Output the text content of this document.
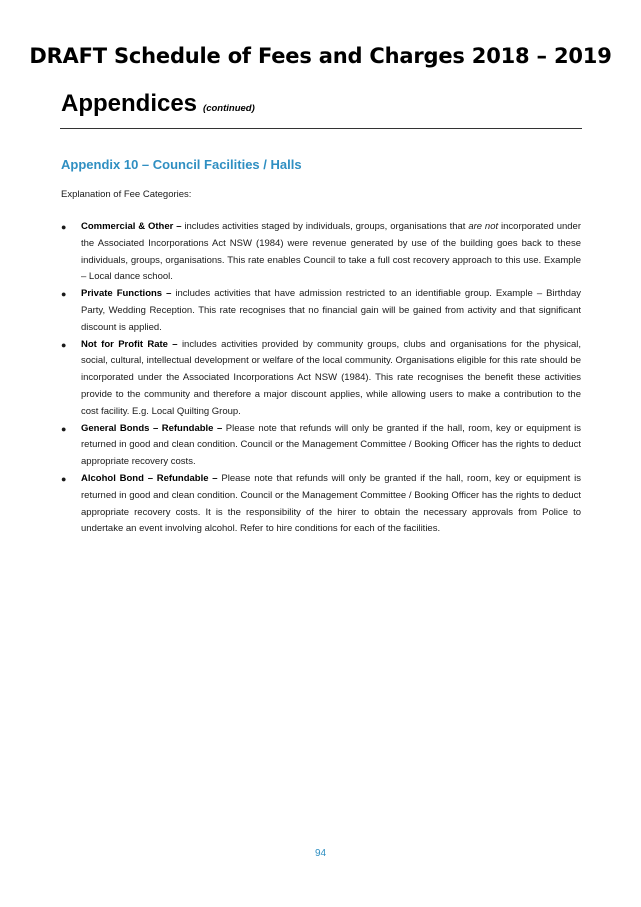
DRAFT Schedule of Fees and Charges 2018 – 2019
Appendices (continued)
Appendix 10 – Council Facilities / Halls
Explanation of Fee Categories:
● Commercial & Other – includes activities staged by individuals, groups, organisations that are not incorporated under the Associated Incorporations Act NSW (1984) were revenue generated by use of the building goes back to these individuals, groups, organisations. This rate enables Council to take a full cost recovery approach to this use. Example – Local dance school.
● Private Functions – includes activities that have admission restricted to an identifiable group. Example – Birthday Party, Wedding Reception. This rate recognises that no financial gain will be gained from activity and that significant discount is applied.
● Not for Profit Rate – includes activities provided by community groups, clubs and organisations for the physical, social, cultural, intellectual development or welfare of the local community. Organisations eligible for this rate should be incorporated under the Associated Incorporations Act NSW (1984). This rate recognises the benefit these activities provide to the community and therefore a major discount applies, while allowing users to make a contribution to the cost facility. E.g. Local Quilting Group.
● General Bonds – Refundable – Please note that refunds will only be granted if the hall, room, key or equipment is returned in good and clean condition. Council or the Management Committee / Booking Officer has the rights to deduct appropriate recovery costs.
● Alcohol Bond – Refundable – Please note that refunds will only be granted if the hall, room, key or equipment is returned in good and clean condition. Council or the Management Committee / Booking Officer has the rights to deduct appropriate recovery costs. It is the responsibility of the hirer to obtain the necessary approvals from Police to undertake an event involving alcohol. Refer to hire conditions for each of the facilities.
94
